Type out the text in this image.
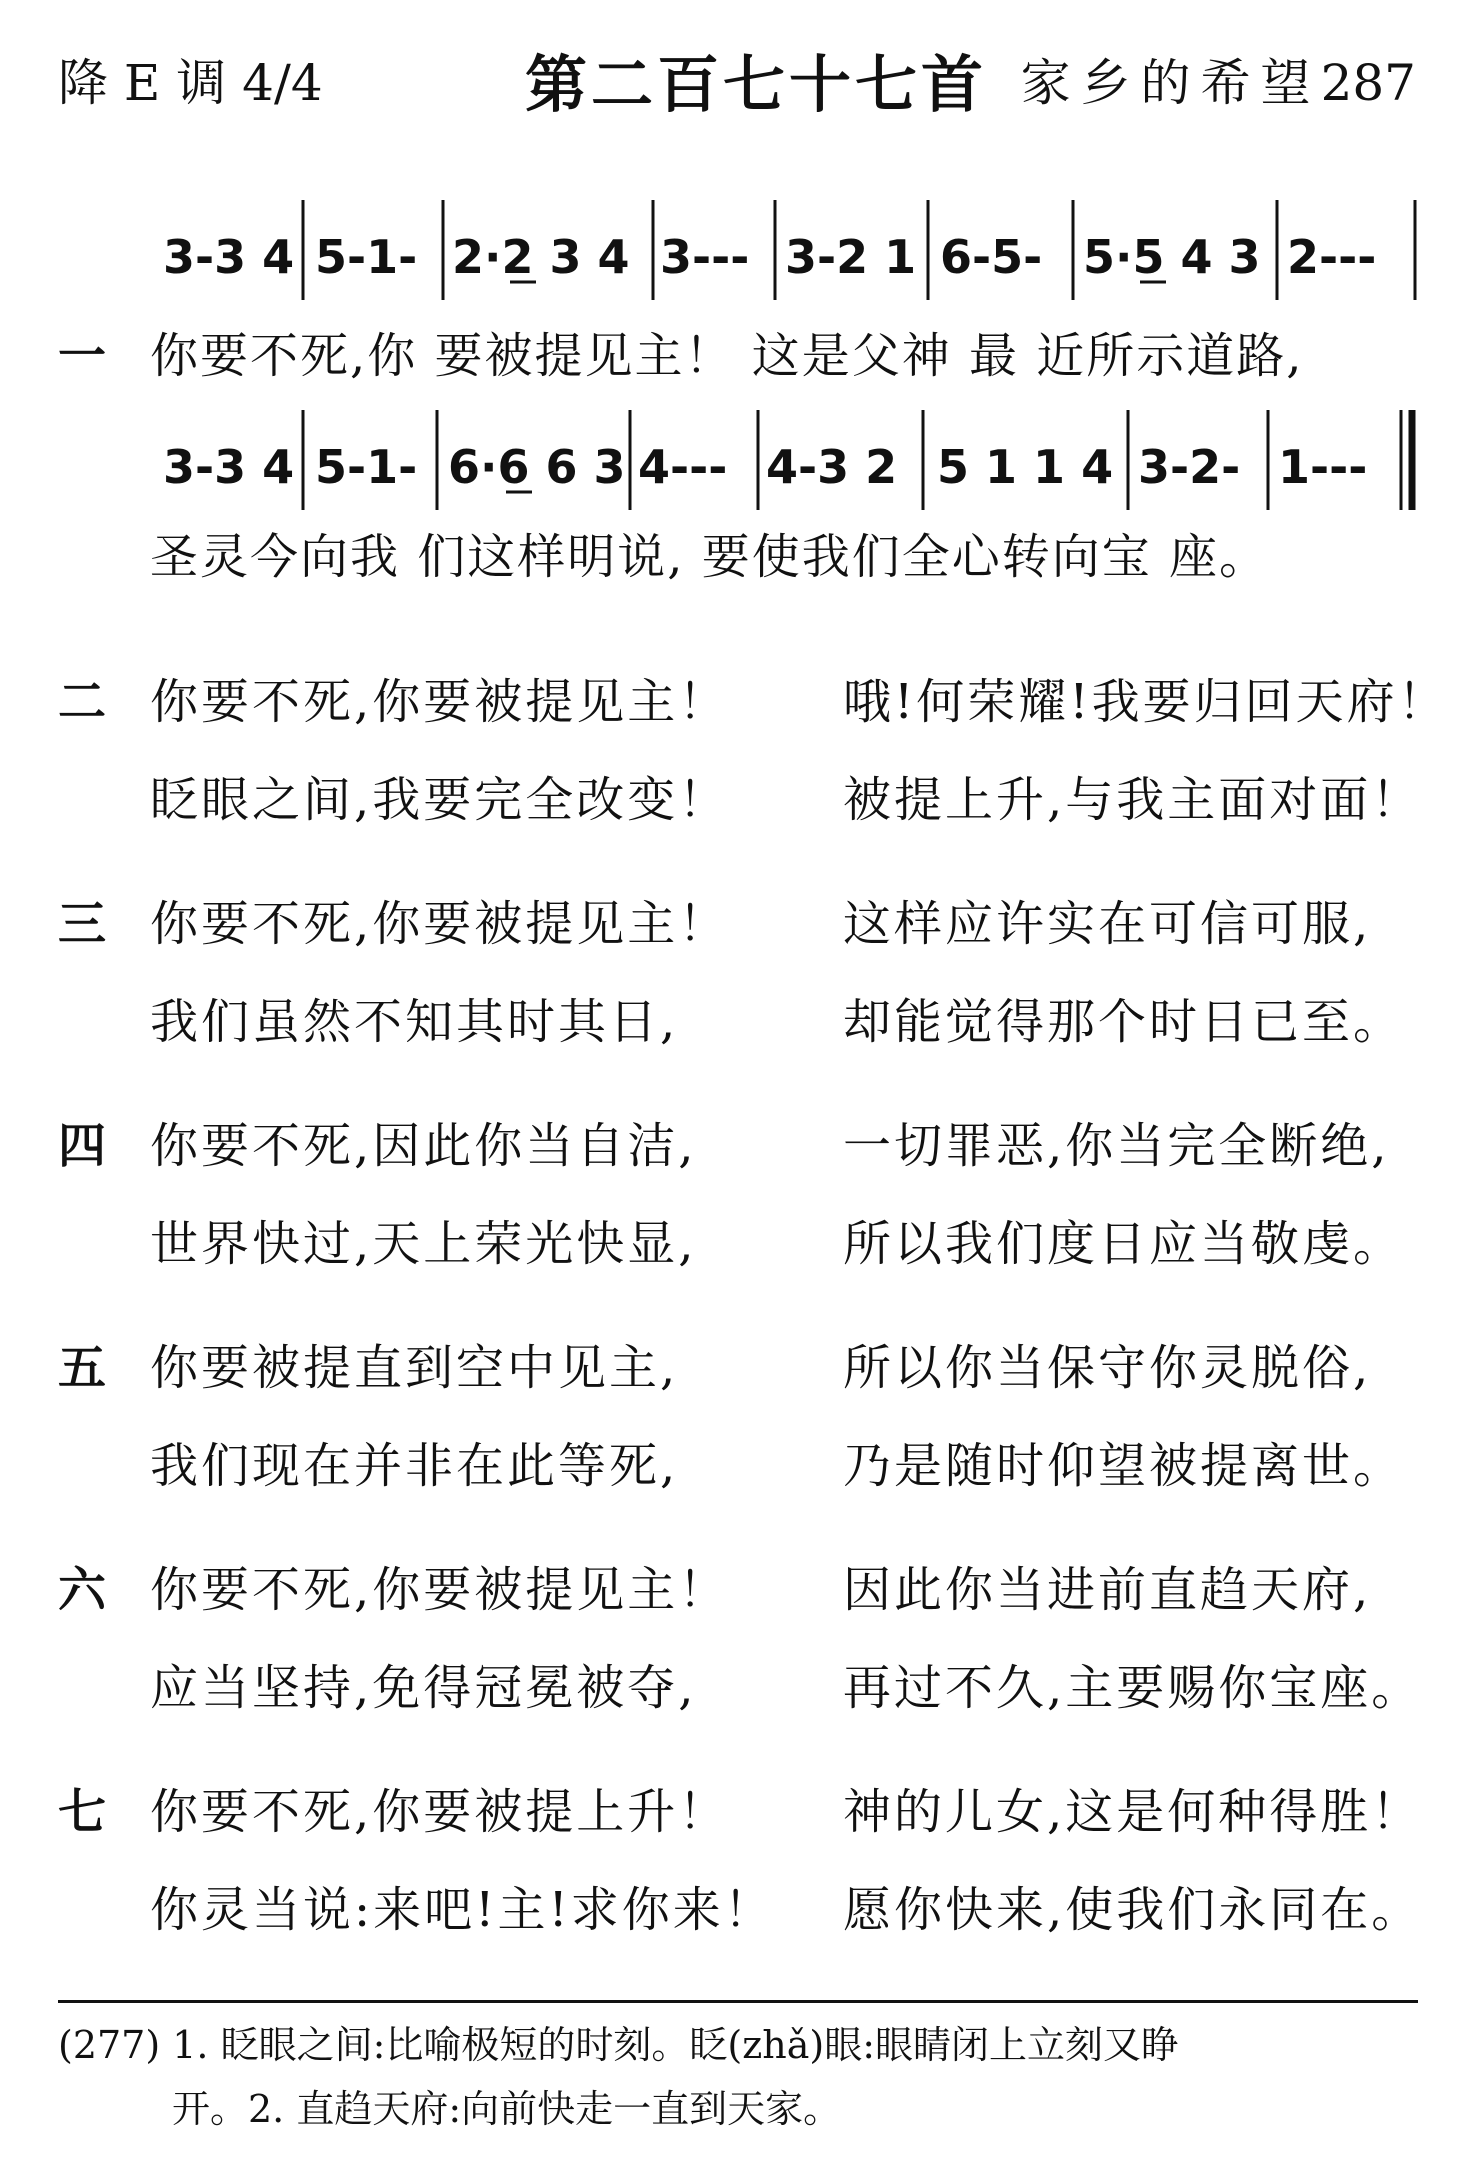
降 E 调 4/4	第二百七十七首 家乡的希望287
3-3 4 5-1- 2·2 3 4 3--- 3-2 1 6-5- 5·5 4 3 2---
3-3 4 5-1- 6·6 6 3 4--- 4-3 2 5 1 1 4 3-2- 1---
一 你要不死,你 要被提见主！ 这是父神 最 近所示道路,
圣灵今向我 们这样明说, 要使我们全心转向宝 座。
二 你要不死,你要被提见主！ 哦!何荣耀!我要归回天府！
眨眼之间,我要完全改变！ 被提上升,与我主面对面！
三 你要不死,你要被提见主！ 这样应许实在可信可服,
我们虽然不知其时其日,	却能觉得那个时日已至。
四 你要不死,因此你当自洁,	一切罪恶,你当完全断绝,
世界快过,天上荣光快显,	所以我们度日应当敬虔。
五 你要被提直到空中见主,	所以你当保守你灵脱俗,
我们现在并非在此等死,	乃是随时仰望被提离世。
六 你要不死,你要被提见主！ 因此你当进前直趋天府,
应当坚持,免得冠冕被夺,	再过不久,主要赐你宝座。
七 你要不死,你要被提上升！ 神的儿女,这是何种得胜！
你灵当说:来吧!主!求你来！ 愿你快来,使我们永同在。
(277) 1. 眨眼之间:比喻极短的时刻。眨(zhǎ)眼:眼睛闭上立刻又睁
开。2. 直趋天府:向前快走一直到天家。
